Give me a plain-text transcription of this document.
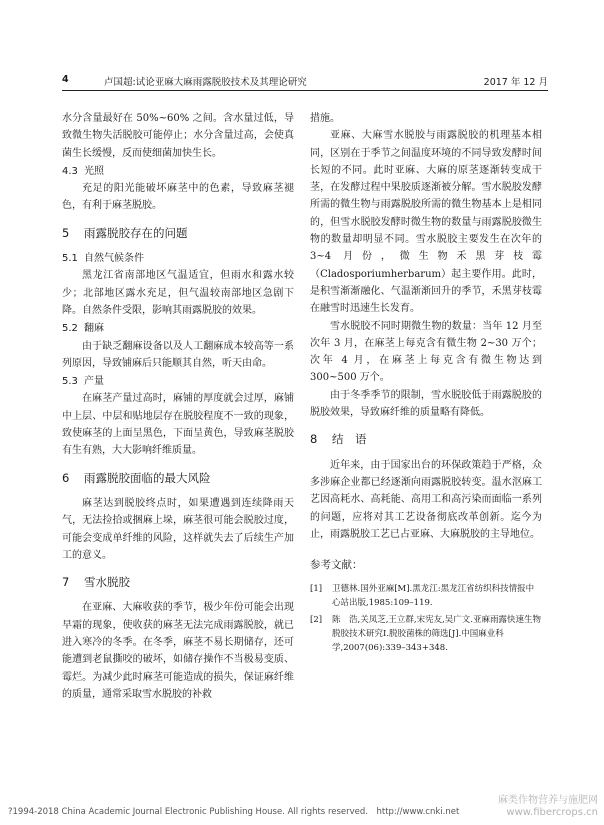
4	卢国超:试论亚麻大麻雨露脱胶技术及其理论研究	2017 年 12 月

水分含量最好在 50%~60% 之间。含水量过低，导致微生物失活脱胶可能停止；水分含量过高，会使真菌生长缓慢，反而使细菌加快生长。

4.3 光照

充足的阳光能破坏麻茎中的色素，导致麻茎褪色，有利于麻茎脱胶。

5 雨露脱胶存在的问题
5.1 自然气候条件

黑龙江省南部地区气温适宜，但雨水和露水较少；北部地区露水充足，但气温较南部地区急剧下降。自然条件受限，影响其雨露脱胶的效果。

5.2 翻麻

由于缺乏翻麻设备以及人工翻麻成本较高等一系列原因，导致铺麻后只能顺其自然，听天由命。

5.3 产量

在麻茎产量过高时，麻铺的厚度就会过厚，麻铺中上层、中层和贴地层存在脱胶程度不一致的现象，致使麻茎的上面呈黑色，下面呈黄色，导致麻茎脱胶有生有熟，大大影响纤维质量。

6 雨露脱胶面临的最大风险

麻茎达到脱胶终点时，如果遭遇到连续降雨天气，无法捡拾或捆麻上垛，麻茎很可能会脱胶过度，可能会变成单纤维的风险，这样就失去了后续生产加工的意义。

7 雪水脱胶

在亚麻、大麻收获的季节，极少年份可能会出现早霜的现象，使收获的麻茎无法完成雨露脱胶，就已进入寒冷的冬季。在冬季，麻茎不易长期储存，还可能遭到老鼠撕咬的破坏，如储存操作不当极易变质、霉烂。为减少此时麻茎可能造成的损失，保证麻纤维的质量，通常采取雪水脱胶的补救

措施。

亚麻、大麻雪水脱胶与雨露脱胶的机理基本相同，区别在于季节之间温度环境的不同导致发酵时间长短的不同。此时亚麻、大麻的原茎逐渐转变成干茎，在发酵过程中果胶质逐渐被分解。雪水脱胶发酵所需的微生物与雨露脱胶所需的微生物基本上是相同的，但雪水脱胶发酵时微生物的数量与雨露脱胶微生物的数量却明显不同。雪水脱胶主要发生在次年的 3~4 月份，微生物禾黑芽枝霉（Cladosporiumherbarum）起主要作用。此时，是积雪渐渐融化、气温渐渐回升的季节，禾黑芽枝霉在融雪时迅速生长发育。

雪水脱胶不同时期微生物的数量：当年 12 月至次年 3 月，在麻茎上每克含有微生物 2~30 万个；次年 4 月，在麻茎上每克含有微生物达到 300~500 万个。

由于冬季季节的限制，雪水脱胶低于雨露脱胶的脱胶效果，导致麻纤维的质量略有降低。

8 结　语

近年来，由于国家出台的环保政策趋于严格，众多涉麻企业都已经逐渐向雨露脱胶转变。温水沤麻工艺因高耗水、高耗能、高用工和高污染而面临一系列的问题，应将对其工艺设备彻底改革创新。迄今为止，雨露脱胶工艺已占亚麻、大麻脱胶的主导地位。

参考文献：
[1]	卫德林.国外亚麻[M].黑龙江:黑龙江省纺织科技情报中心站出版,1985:109–119.
[2]	陈　浩,关凤芝,王立群,宋宪友,吴广文.亚麻雨露快速生物脱胶技术研究Ⅰ.脱胶菌株的筛选[J].中国麻业科学,2007(06):339–343+348.
?1994-2018 China Academic Journal Electronic Publishing House. All rights reserved.　http://www.cnki.net
麻类作物营养与施肥网
www.fibercrops.cn
